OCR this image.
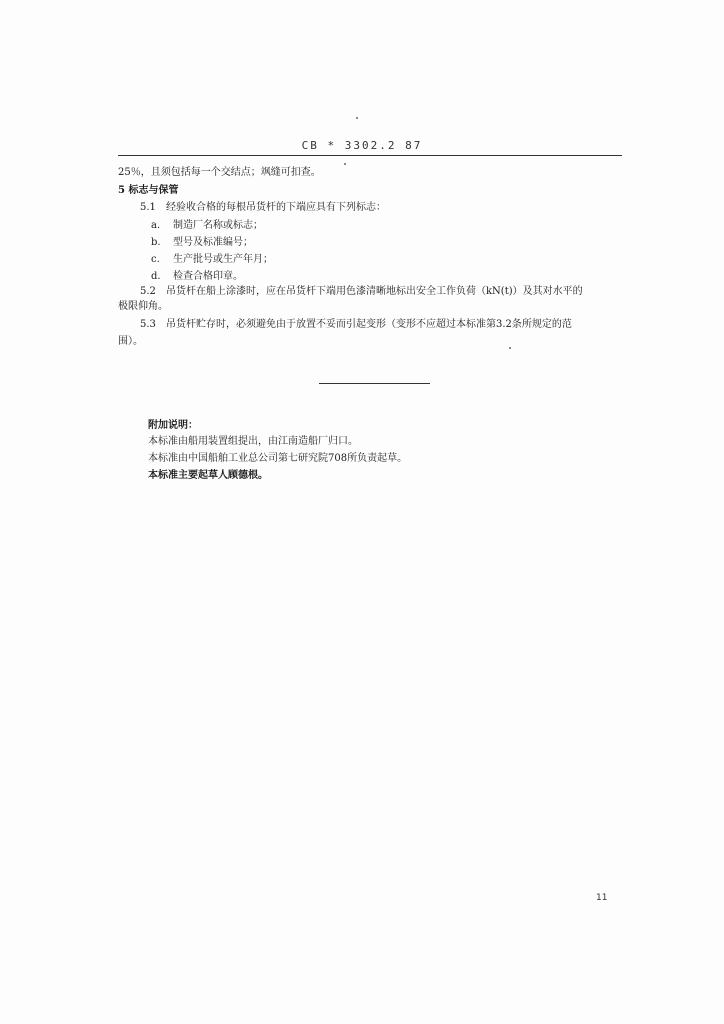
CB * 3302.2 87
25％，且须包括每一个交结点；飒缝可扣查。
5 标志与保管
5.1 经验收合格的每根吊货杆的下端应具有下列标志：
a. 制造厂名称或标志；
b. 型号及标准编号；
c. 生产批号或生产年月；
d. 检查合格印章。
5.2 吊货杆在船上涂漆时，应在吊货杆下端用色漆清晰地标出安全工作负荷（kN(t)）及其对水平的
极限仰角。
5.3 吊货杆贮存时，必须避免由于放置不妥而引起变形（变形不应超过本标准第3.2条所规定的范
围）。
附加说明：
本标准由船用装置组提出，由江南造船厂归口。
本标准由中国船舶工业总公司第七研究院708所负责起草。
本标准主要起草人顾德根。
11
